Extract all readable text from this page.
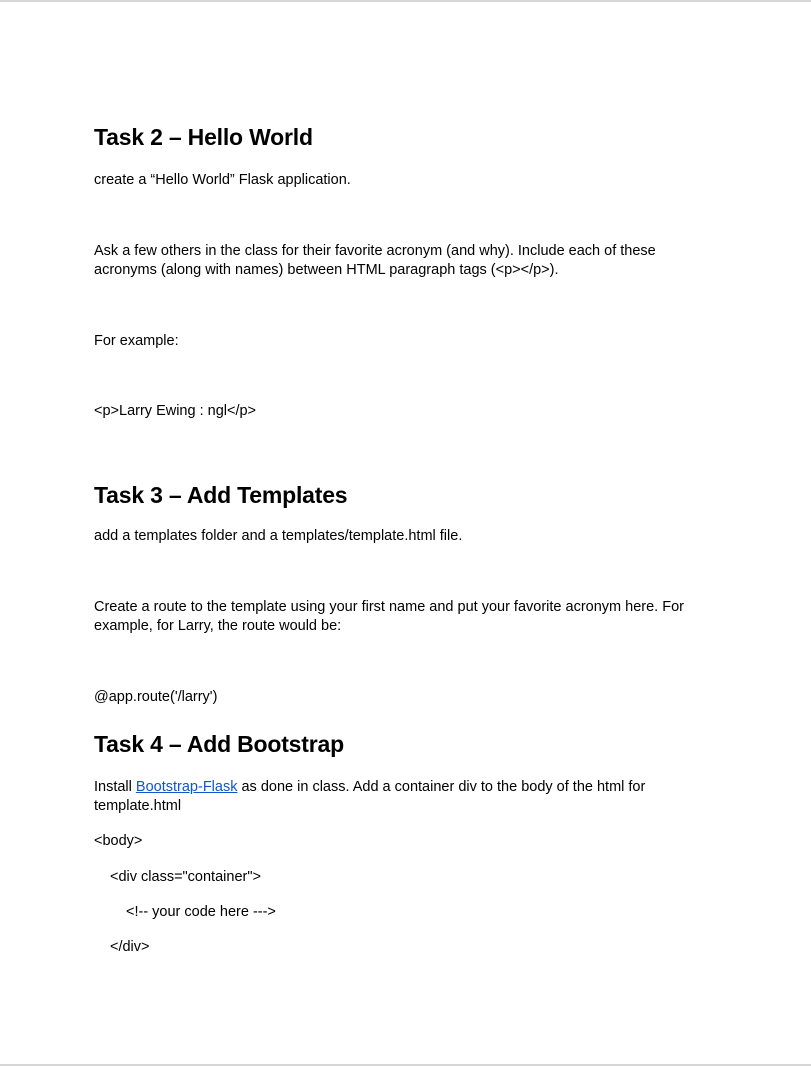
Task 2 – Hello World
create a “Hello World” Flask application.
Ask a few others in the class for their favorite acronym (and why). Include each of these
acronyms (along with names) between HTML paragraph tags (<p></p>).
For example:
<p>Larry Ewing : ngl</p>
Task 3 – Add Templates
add a templates folder and a templates/template.html file.
Create a route to the template using your first name and put your favorite acronym here. For
example, for Larry, the route would be:
@app.route('/larry')
Task 4 – Add Bootstrap
Install Bootstrap-Flask as done in class. Add a container div to the body of the html for
template.html
<body>
<div class="container">
<!-- your code here --->
</div>
